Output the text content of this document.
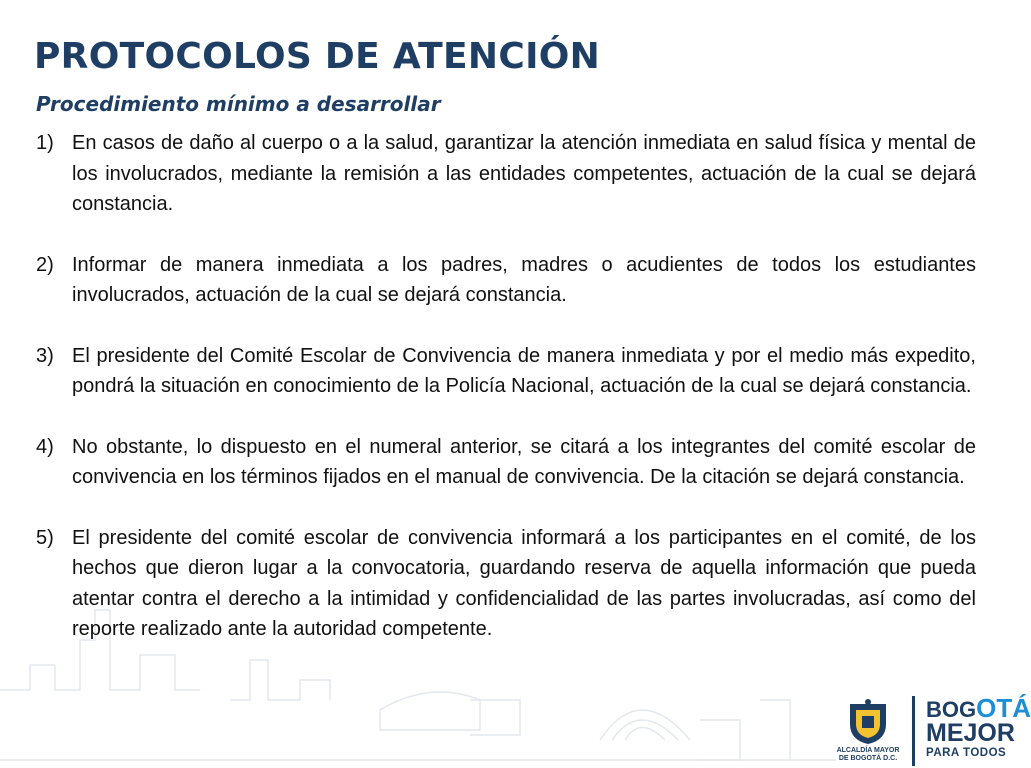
PROTOCOLOS DE ATENCIÓN
Procedimiento mínimo a desarrollar
1) En casos de daño al cuerpo o a la salud, garantizar la atención inmediata en salud física y mental de los involucrados, mediante la remisión a las entidades competentes, actuación de la cual se dejará constancia.
2) Informar de manera inmediata a los padres, madres o acudientes de todos los estudiantes involucrados, actuación de la cual se dejará constancia.
3) El presidente del Comité Escolar de Convivencia de manera inmediata y por el medio más expedito, pondrá la situación en conocimiento de la Policía Nacional, actuación de la cual se dejará constancia.
4) No obstante, lo dispuesto en el numeral anterior, se citará a los integrantes del comité escolar de convivencia en los términos fijados en el manual de convivencia. De la citación se dejará constancia.
5) El presidente del comité escolar de convivencia informará a los participantes en el comité, de los hechos que dieron lugar a la convocatoria, guardando reserva de aquella información que pueda atentar contra el derecho a la intimidad y confidencialidad de las partes involucradas, así como del reporte realizado ante la autoridad competente.
ALCALDÍA MAYOR
DE BOGOTÁ D.C.
BOGOTÁ
MEJOR
PARA TODOS
